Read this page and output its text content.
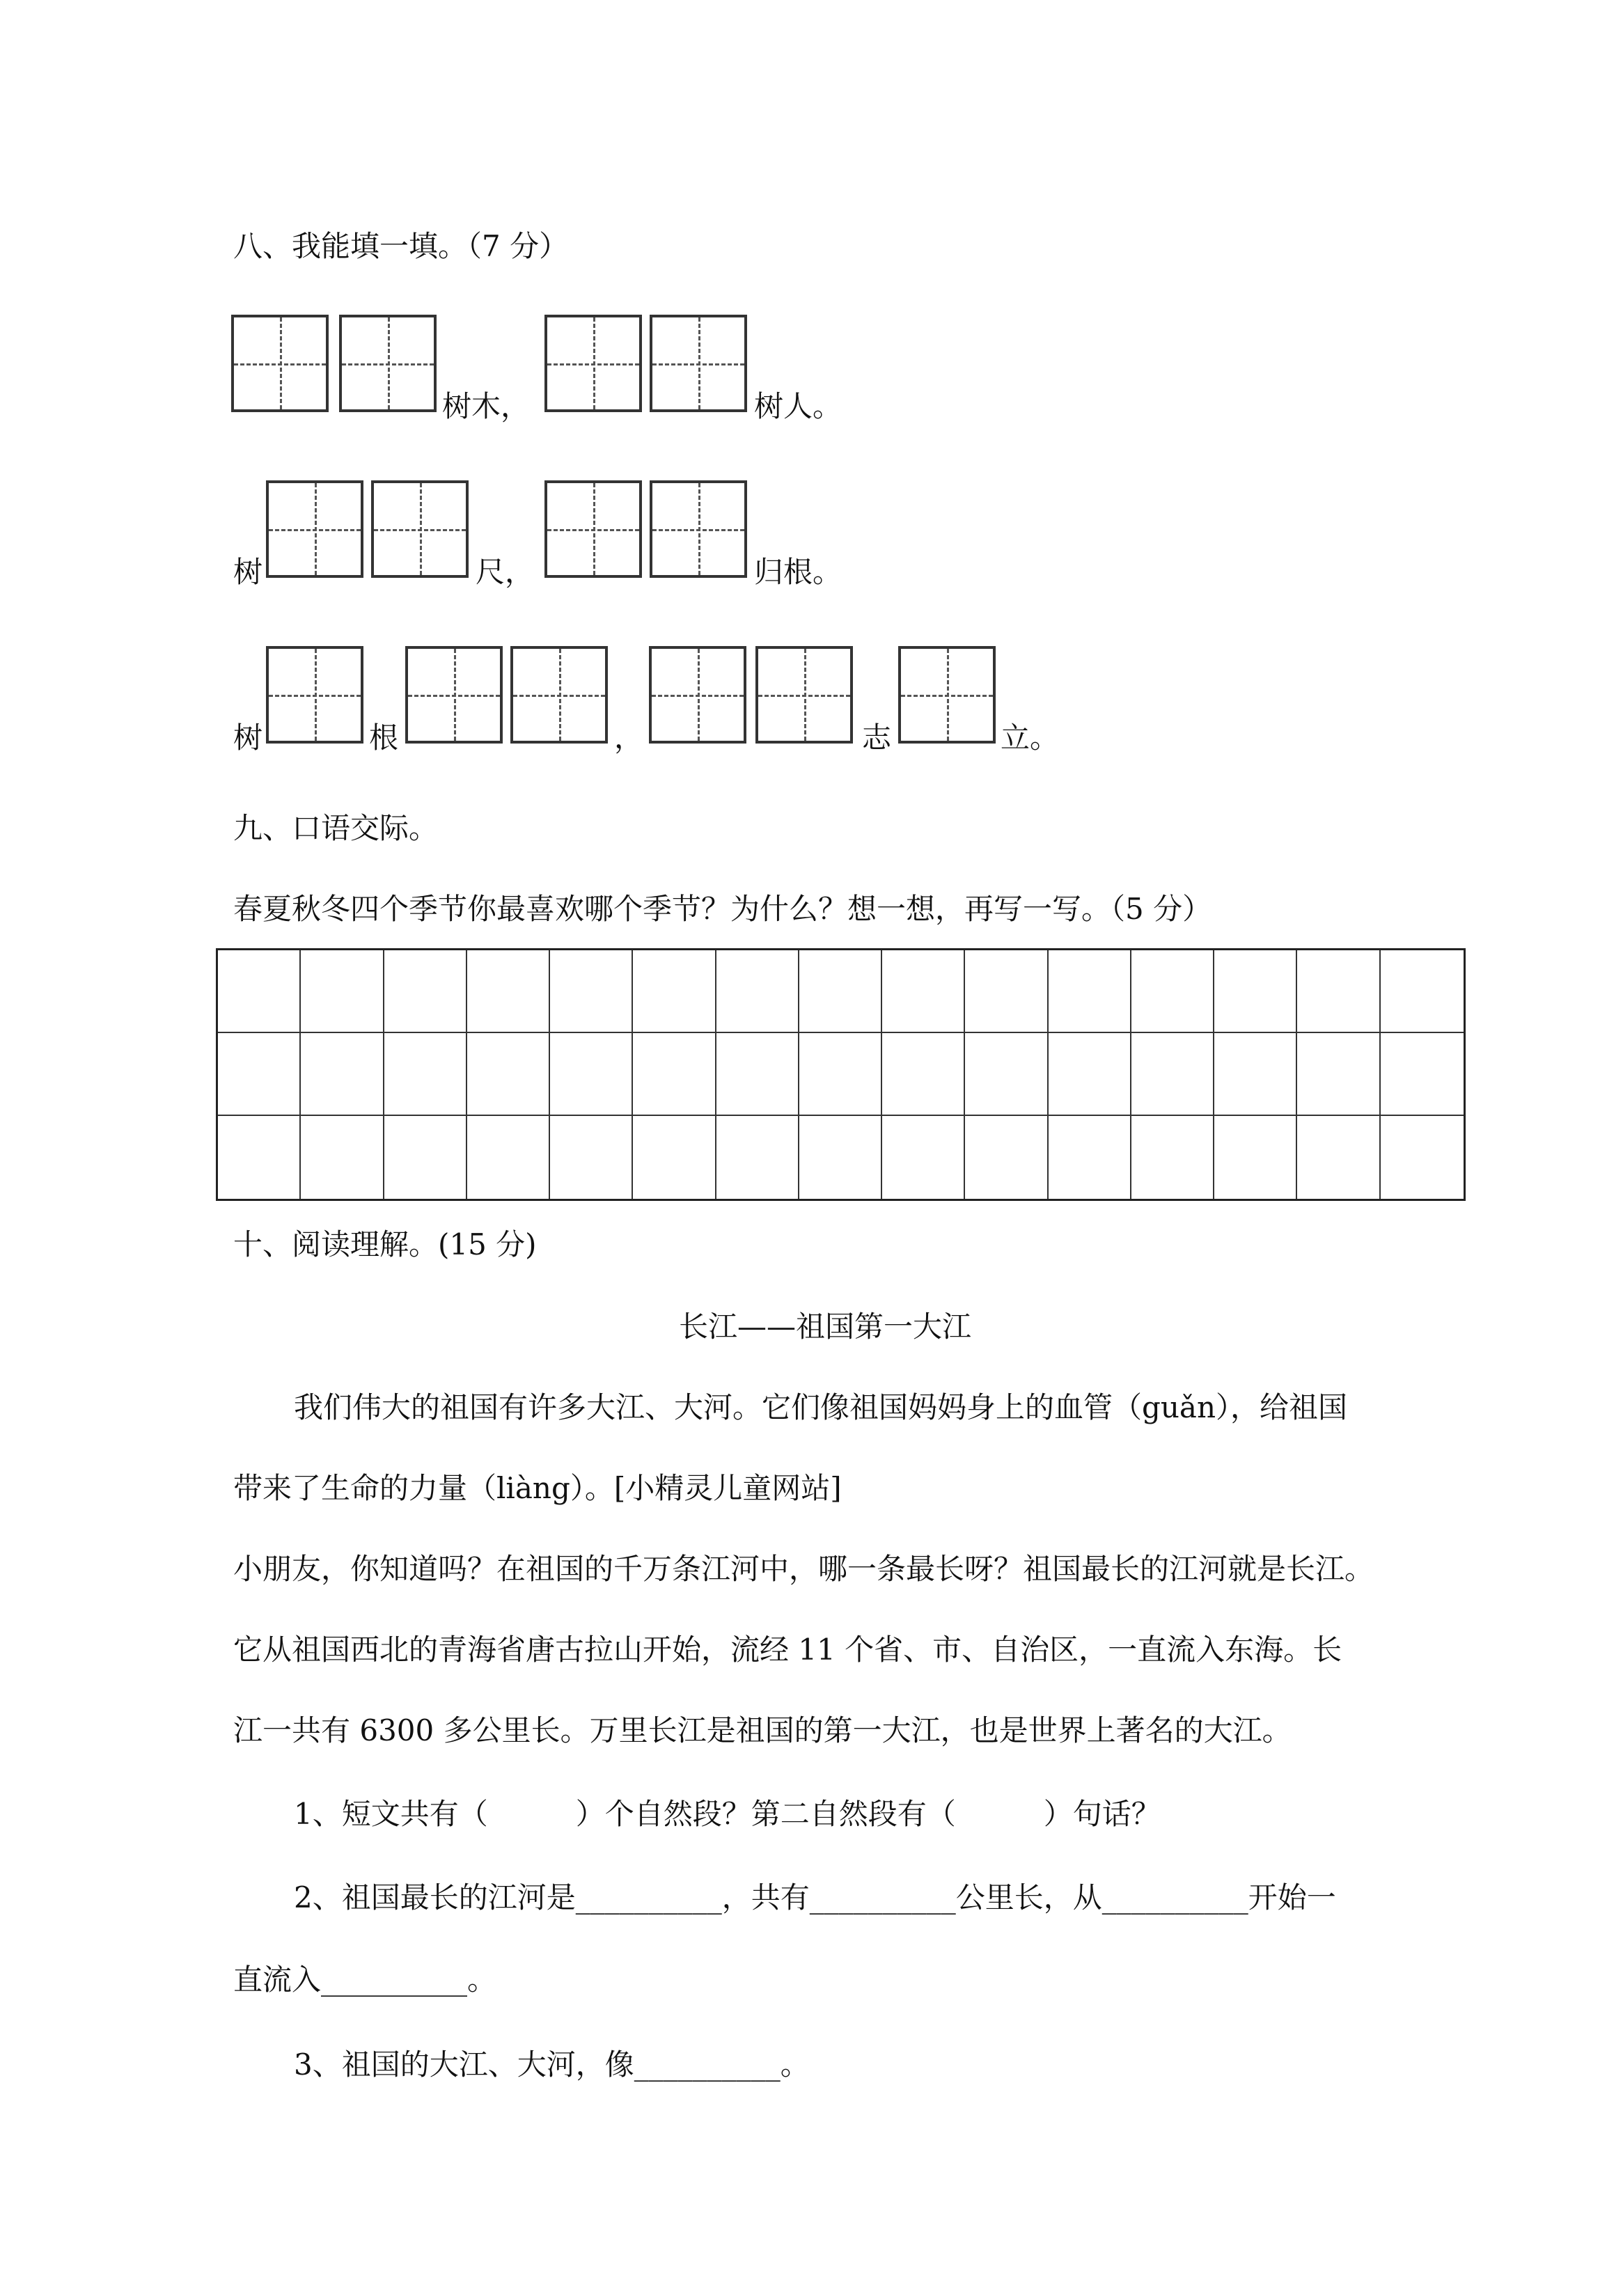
八、我能填一填。（7 分）
树木，	树人。
树	尺，	归根。
树	根	，	志	立。
九、口语交际。
春夏秋冬四个季节你最喜欢哪个季节？为什么？想一想，再写一写。（5 分）
十、阅读理解。(15 分)
长江——祖国第一大江
我们伟大的祖国有许多大江、大河。它们像祖国妈妈身上的血管（guǎn），给祖国
带来了生命的力量（liàng）。[小精灵儿童网站]
小朋友，你知道吗？在祖国的千万条江河中，哪一条最长呀？祖国最长的江河就是长江。
它从祖国西北的青海省唐古拉山开始，流经 11 个省、市、自治区，一直流入东海。长
江一共有 6300 多公里长。万里长江是祖国的第一大江，也是世界上著名的大江。
1、短文共有（　　　）个自然段？第二自然段有（　　　）句话？
2、祖国最长的江河是__________，共有__________公里长，从__________开始一
直流入__________。
3、祖国的大江、大河，像__________。
